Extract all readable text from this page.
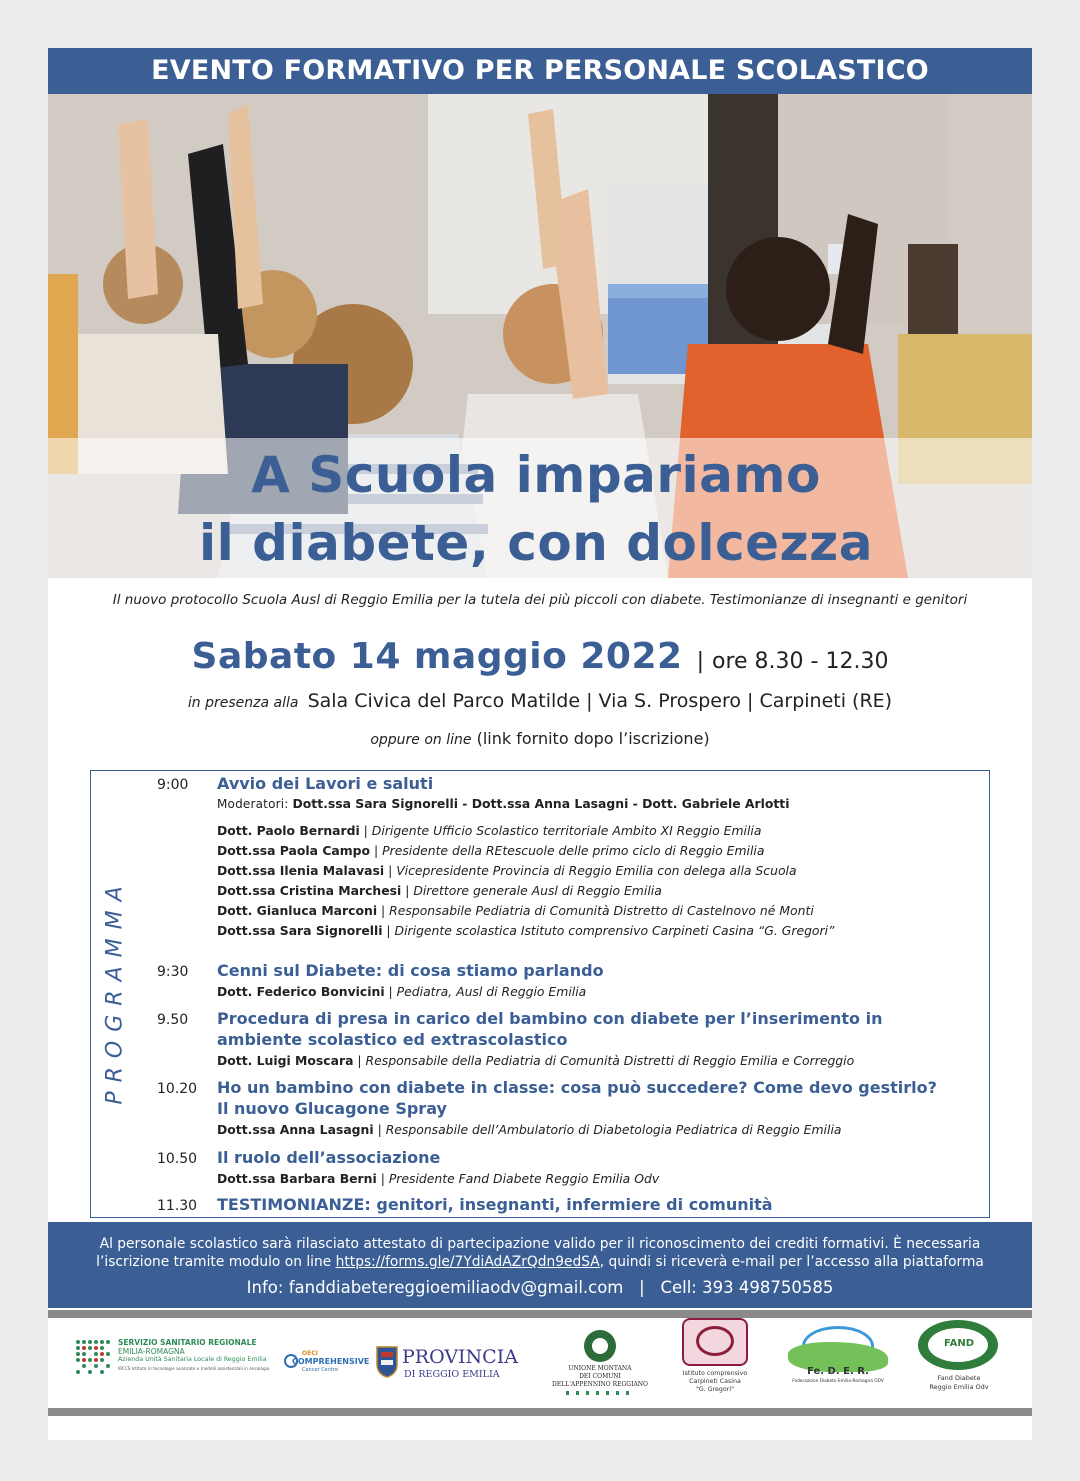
EVENTO FORMATIVO PER PERSONALE SCOLASTICO
A Scuola impariamo
il diabete, con dolcezza
Il nuovo protocollo Scuola Ausl di Reggio Emilia per la tutela dei più piccoli con diabete. Testimonianze di insegnanti e genitori
Sabato 14 maggio 2022 | ore 8.30 - 12.30
in presenza alla Sala Civica del Parco Matilde | Via S. Prospero | Carpineti (RE)
oppure on line (link fornito dopo l’iscrizione)
PROGRAMMA
9:00 Avvio dei Lavori e saluti
Moderatori: Dott.ssa Sara Signorelli - Dott.ssa Anna Lasagni - Dott. Gabriele Arlotti
Dott. Paolo Bernardi | Dirigente Ufficio Scolastico territoriale Ambito XI Reggio Emilia
Dott.ssa Paola Campo | Presidente della REtescuole delle primo ciclo di Reggio Emilia
Dott.ssa Ilenia Malavasi | Vicepresidente Provincia di Reggio Emilia con delega alla Scuola
Dott.ssa Cristina Marchesi | Direttore generale Ausl di Reggio Emilia
Dott. Gianluca Marconi | Responsabile Pediatria di Comunità Distretto di Castelnovo né Monti
Dott.ssa Sara Signorelli | Dirigente scolastica Istituto comprensivo Carpineti Casina “G. Gregori”
9:30 Cenni sul Diabete: di cosa stiamo parlando
Dott. Federico Bonvicini | Pediatra, Ausl di Reggio Emilia
9.50 Procedura di presa in carico del bambino con diabete per l’inserimento in
ambiente scolastico ed extrascolastico
Dott. Luigi Moscara | Responsabile della Pediatria di Comunità Distretti di Reggio Emilia e Correggio
10.20 Ho un bambino con diabete in classe: cosa può succedere? Come devo gestirlo?
Il nuovo Glucagone Spray
Dott.ssa Anna Lasagni | Responsabile dell’Ambulatorio di Diabetologia Pediatrica di Reggio Emilia
10.50 Il ruolo dell’associazione
Dott.ssa Barbara Berni | Presidente Fand Diabete Reggio Emilia Odv
11.30 TESTIMONIANZE: genitori, insegnanti, infermiere di comunità
Al personale scolastico sarà rilasciato attestato di partecipazione valido per il riconoscimento dei crediti formativi. È necessaria
l’iscrizione tramite modulo on line https://forms.gle/7YdiAdAZrQdn9edSA, quindi si riceverà e-mail per l’accesso alla piattaforma
Info: fanddiabetereggioemiliaodv@gmail.com | Cell: 393 498750585
SERVIZIO SANITARIO REGIONALE
EMILIA-ROMAGNA
Azienda Unità Sanitaria Locale di Reggio Emilia
IRCCS Istituto in tecnologie avanzate e modelli assistenziali in oncologia
OECI
COMPREHENSIVE
Cancer Centre
PROVINCIA
DI REGGIO EMILIA
UNIONE MONTANA
DEI COMUNI
DELL'APPENNINO REGGIANO
Istituto comprensivo
Carpineti Casina
"G. Gregori"
Fe. D. E. R.
Federazione Diabete Emilia-Romagna ODV
FAND
Fand Diabete
Reggio Emilia Odv
